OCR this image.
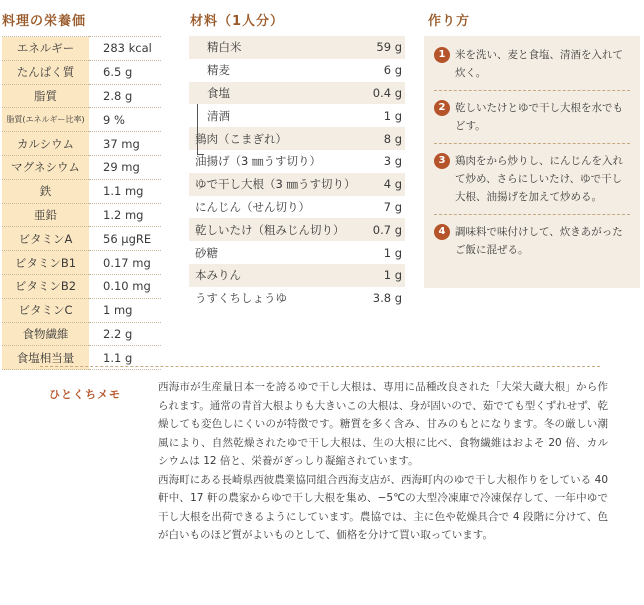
料理の栄養価
エネルギー	283 kcal
たんぱく質	6.5 g
脂質	2.8 g
脂質(エネルギー比率)	9 %
カルシウム	37 mg
マグネシウム	29 mg
鉄	1.1 mg
亜鉛	1.2 mg
ビタミンA	56 μgRE
ビタミンB1	0.17 mg
ビタミンB2	0.10 mg
ビタミンC	1 mg
食物繊維	2.2 g
食塩相当量	1.1 g
材料（1人分）
精白米	59 g
精麦	6 g
食塩	0.4 g
清酒	1 g
鶏肉（こまぎれ）	8 g
油揚げ（3 ㎜うす切り）	3 g
ゆで干し大根（3 ㎜うす切り） 4 g
にんじん（せん切り）	7 g
乾しいたけ（粗みじん切り） 0.7 g
砂糖	1 g
本みりん	1 g
うすくちしょうゆ	3.8 g
作り方
1 米を洗い、麦と食塩、清酒を入れて炊く。
2 乾しいたけとゆで干し大根を水でもどす。
3 鶏肉をから炒りし、にんじんを入れて炒め、さらにしいたけ、ゆで干し大根、油揚げを加えて炒める。
4 調味料で味付けして、炊きあがったご飯に混ぜる。
ひとくちメモ

西海市が生産量日本一を誇るゆで干し大根は、専用に品種改良された「大栄大蔵大根」から作られます。通常の青首大根よりも大きいこの大根は、身が固いので、茹でても型くずれせず、乾燥しても変色しにくいのが特徴です。糖質を多く含み、甘みのもとになります。冬の厳しい潮風により、自然乾燥されたゆで干し大根は、生の大根に比べ、食物繊維はおよそ 20 倍、カルシウムは 12 倍と、栄養がぎっしり凝縮されています。

西海町にある長崎県西彼農業協同組合西海支店が、西海町内のゆで干し大根作りをしている 40 軒中、17 軒の農家からゆで干し大根を集め、−5℃の大型冷凍庫で冷凍保存して、一年中ゆで干し大根を出荷できるようにしています。農協では、主に色や乾燥具合で 4 段階に分けて、色が白いものほど質がよいものとして、価格を分けて買い取っています。
